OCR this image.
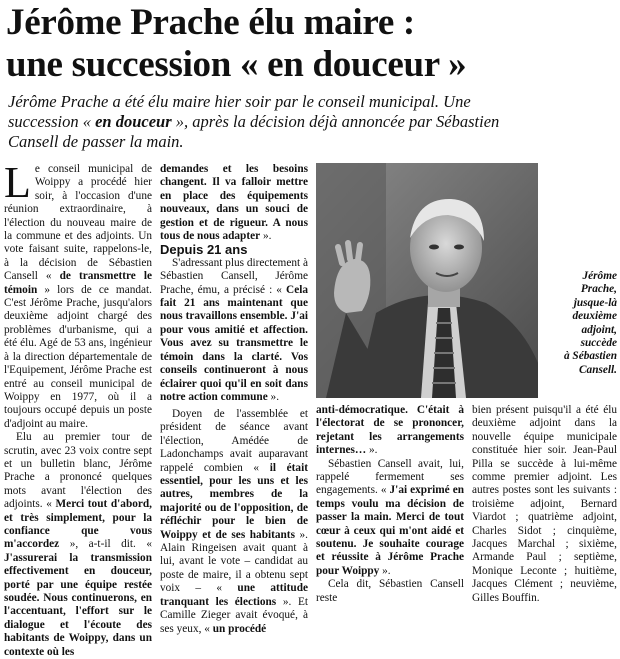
Jérôme Prache élu maire :
une succession « en douceur »

Jérôme Prache a été élu maire hier soir par le conseil municipal. Une
succession « en douceur », après la décision déjà annoncée par Sébastien
Cansell de passer la main.

Le conseil municipal de Woippy a procédé hier soir, à l'occasion d'une réunion extraordinaire, à l'élection du nouveau maire de la commune et des adjoints. Un vote faisant suite, rappelons-le, à la décision de Sébastien Cansell « de transmettre le témoin » lors de ce mandat. C'est Jérôme Prache, jusqu'alors deuxième adjoint chargé des problèmes d'urbanisme, qui a été élu. Agé de 53 ans, ingénieur à la direction départementale de l'Equipement, Jérôme Prache est entré au conseil municipal de Woippy en 1977, où il a toujours occupé depuis un poste d'adjoint au maire.

Elu au premier tour de scrutin, avec 23 voix contre sept et un bulletin blanc, Jérôme Prache a prononcé quelques mots avant l'élection des adjoints. « Merci tout d'abord, et très simplement, pour la confiance que vous m'accordez », a-t-il dit. « J'assurerai la transmission effectivement en douceur, porté par une équipe restée soudée. Nous continuerons, en l'accentuant, l'effort sur le dialogue et l'écoute des habitants de Woippy, dans un contexte où les

demandes et les besoins changent. Il va falloir mettre en place des équipements nouveaux, dans un souci de gestion et de rigueur. A nous tous de nous adapter ».

Depuis 21 ans

S'adressant plus directement à Sébastien Cansell, Jérôme Prache, ému, a précisé : « Cela fait 21 ans maintenant que nous travaillons ensemble. J'ai pour vous amitié et affection. Vous avez su transmettre le témoin dans la clarté. Vos conseils continueront à nous éclairer quoi qu'il en soit dans notre action commune ».

Doyen de l'assemblée et président de séance avant l'élection, Amédée de Ladonchamps avait auparavant rappelé combien « il était essentiel, pour les uns et les autres, membres de la majorité ou de l'opposition, de réfléchir pour le bien de Woippy et de ses habitants ». Alain Ringeisen avait quant à lui, avant le vote – candidat au poste de maire, il a obtenu sept voix – « une attitude tranquant les élections ». Et Camille Zieger avait évoqué, à ses yeux, « un procédé

Jérôme
Prache,
jusque-là
deuxième
adjoint,
succède
à Sébastien
Cansell.

anti-démocratique. C'était à l'électorat de se prononcer, rejetant les arrangements internes… ».

Sébastien Cansell avait, lui, rappelé fermement ses engagements. « J'ai exprimé en temps voulu ma décision de passer la main. Merci de tout cœur à ceux qui m'ont aidé et soutenu. Je souhaite courage et réussite à Jérôme Prache pour Woippy ».

Cela dit, Sébastien Cansell reste

bien présent puisqu'il a été élu deuxième adjoint dans la nouvelle équipe municipale constituée hier soir. Jean-Paul Pilla se succède à lui-même comme premier adjoint. Les autres postes sont les suivants : troisième adjoint, Bernard Viardot ; quatrième adjoint, Charles Sidot ; cinquième, Jacques Marchal ; sixième, Armande Paul ; septième, Monique Leconte ; huitième, Jacques Clément ; neuvième, Gilles Bouffin.
